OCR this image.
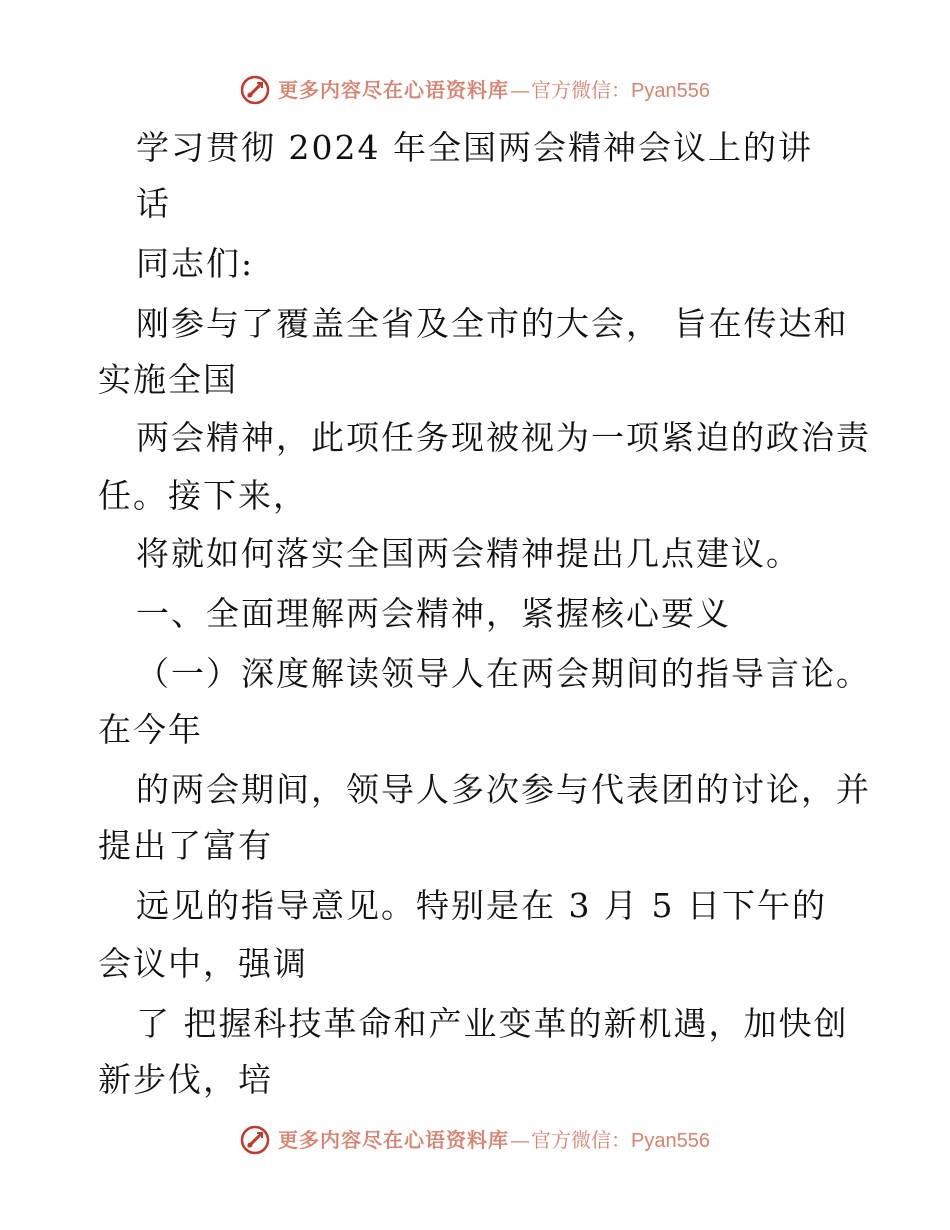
更多内容尽在心语资料库 — 官方微信： Pyan556
学习贯彻 2024 年全国两会精神会议上的讲
话
同志们:
刚参与了覆盖全省及全市的大会， 旨在传达和
实施全国
两会精神，此项任务现被视为一项紧迫的政治责
任。接下来，
将就如何落实全国两会精神提出几点建议。
一、全面理解两会精神，紧握核心要义
（一）深度解读领导人在两会期间的指导言论。
在今年
的两会期间，领导人多次参与代表团的讨论，并
提出了富有
远见的指导意见。特别是在 3 月 5 日下午的
会议中，强调
了 把握科技革命和产业变革的新机遇，加快创
新步伐，培
更多内容尽在心语资料库 — 官方微信： Pyan556
